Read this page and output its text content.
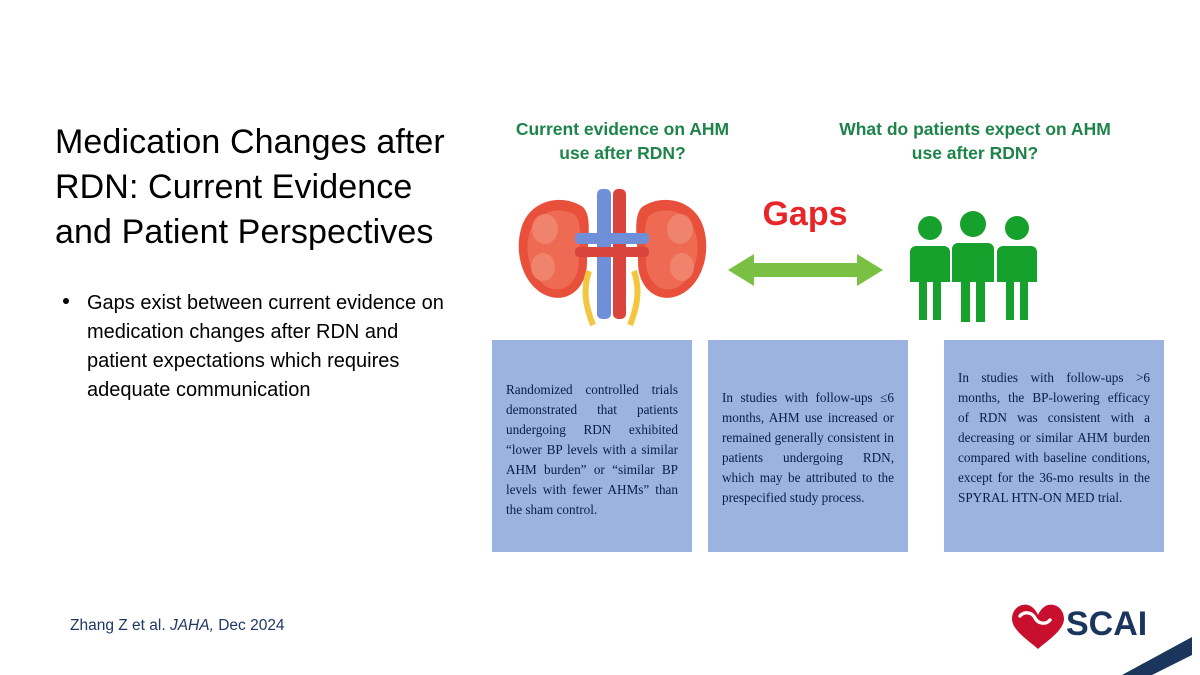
Medication Changes after RDN: Current Evidence and Patient Perspectives
Gaps exist between current evidence on medication changes after RDN and patient expectations which requires adequate communication
Zhang Z et al. JAHA, Dec 2024
Current evidence on AHM use after RDN?
What do patients expect on AHM use after RDN?
Gaps
Randomized controlled trials demonstrated that patients undergoing RDN exhibited “lower BP levels with a similar AHM burden” or “similar BP levels with fewer AHMs” than the sham control.
In studies with follow-ups ≤6 months, AHM use increased or remained generally consistent in patients undergoing RDN, which may be attributed to the prespecified study process.
In studies with follow-ups >6 months, the BP-lowering efficacy of RDN was consistent with a decreasing or similar AHM burden compared with baseline conditions, except for the 36-mo results in the SPYRAL HTN-ON MED trial.
SCAI
